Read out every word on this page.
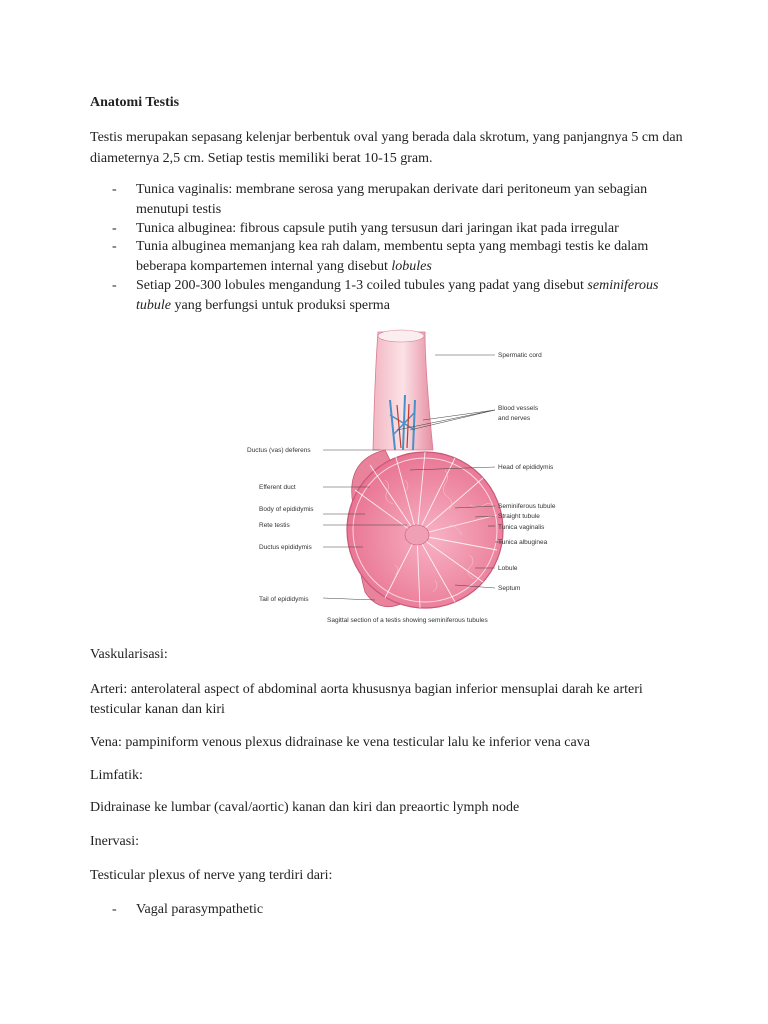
Anatomi Testis

Testis merupakan sepasang kelenjar berbentuk oval yang berada dala skrotum, yang panjangnya 5 cm dan diameternya 2,5 cm. Setiap testis memiliki berat 10-15 gram.

- Tunica vaginalis: membrane serosa yang merupakan derivate dari peritoneum yan sebagian menutupi testis
- Tunica albuginea: fibrous capsule putih yang tersusun dari jaringan ikat pada irregular
- Tunia albuginea memanjang kea rah dalam, membentu septa yang membagi testis ke dalam beberapa kompartemen internal yang disebut lobules
- Setiap 200-300 lobules mengandung 1-3 coiled tubules yang padat yang disebut seminiferous tubule yang berfungsi untuk produksi sperma
Ductus (vas) deferens
Efferent duct
Body of epididymis
Rete testis
Ductus epididymis
Tail of epididymis
Spermatic cord
Blood vessels
and nerves
Head of epididymis
Seminiferous tubule
Straight tubule
Tunica vaginalis
Tunica albuginea
Lobule
Septum
Sagittal section of a testis showing seminiferous tubules

Vaskularisasi:

Arteri: anterolateral aspect of abdominal aorta khususnya bagian inferior mensuplai darah ke arteri testicular kanan dan kiri

Vena: pampiniform venous plexus didrainase ke vena testicular lalu ke inferior vena cava

Limfatik:

Didrainase ke lumbar (caval/aortic) kanan dan kiri dan preaortic lymph node

Inervasi:

Testicular plexus of nerve yang terdiri dari:

- Vagal parasympathetic
